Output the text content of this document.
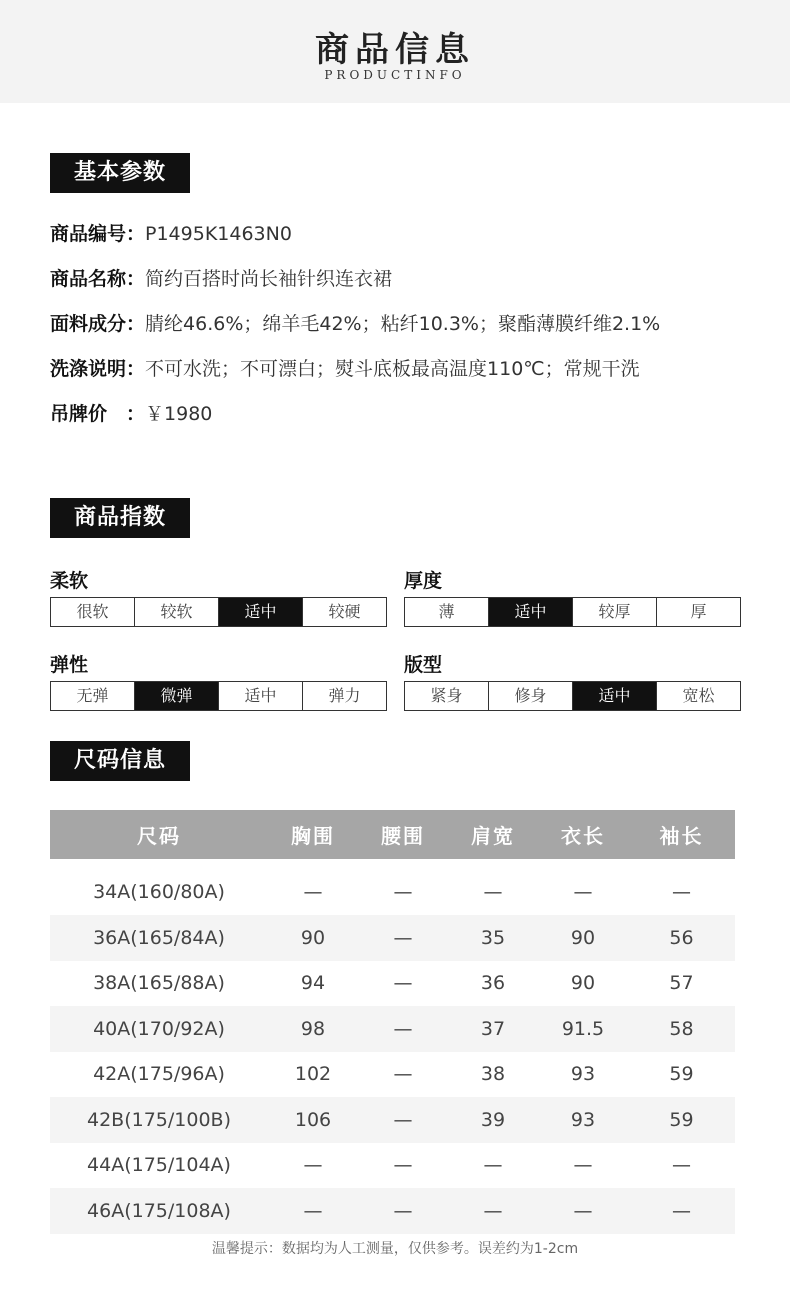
商品信息
PRODUCTINFO
基本参数
商品编号：P1495K1463N0
商品名称：简约百搭时尚长袖针织连衣裙
面料成分：腈纶46.6%；绵羊毛42%；粘纤10.3%；聚酯薄膜纤维2.1%
洗涤说明：不可水洗；不可漂白；熨斗底板最高温度110℃；常规干洗
吊牌价　：￥1980
商品指数
柔软
很软	较软	适中	较硬
厚度
薄	适中	较厚	厚
弹性
无弹	微弹	适中	弹力
版型
紧身	修身	适中	宽松
尺码信息
尺码	胸围	腰围	肩宽	衣长	袖长
34A(160/80A)	—	—	—	—	—
36A(165/84A)	90	—	35	90	56
38A(165/88A)	94	—	36	90	57
40A(170/92A)	98	—	37	91.5	58
42A(175/96A)	102	—	38	93	59
42B(175/100B)	106	—	39	93	59
44A(175/104A)	—	—	—	—	—
46A(175/108A)	—	—	—	—	—
温馨提示：数据均为人工测量，仅供参考。误差约为1-2cm
